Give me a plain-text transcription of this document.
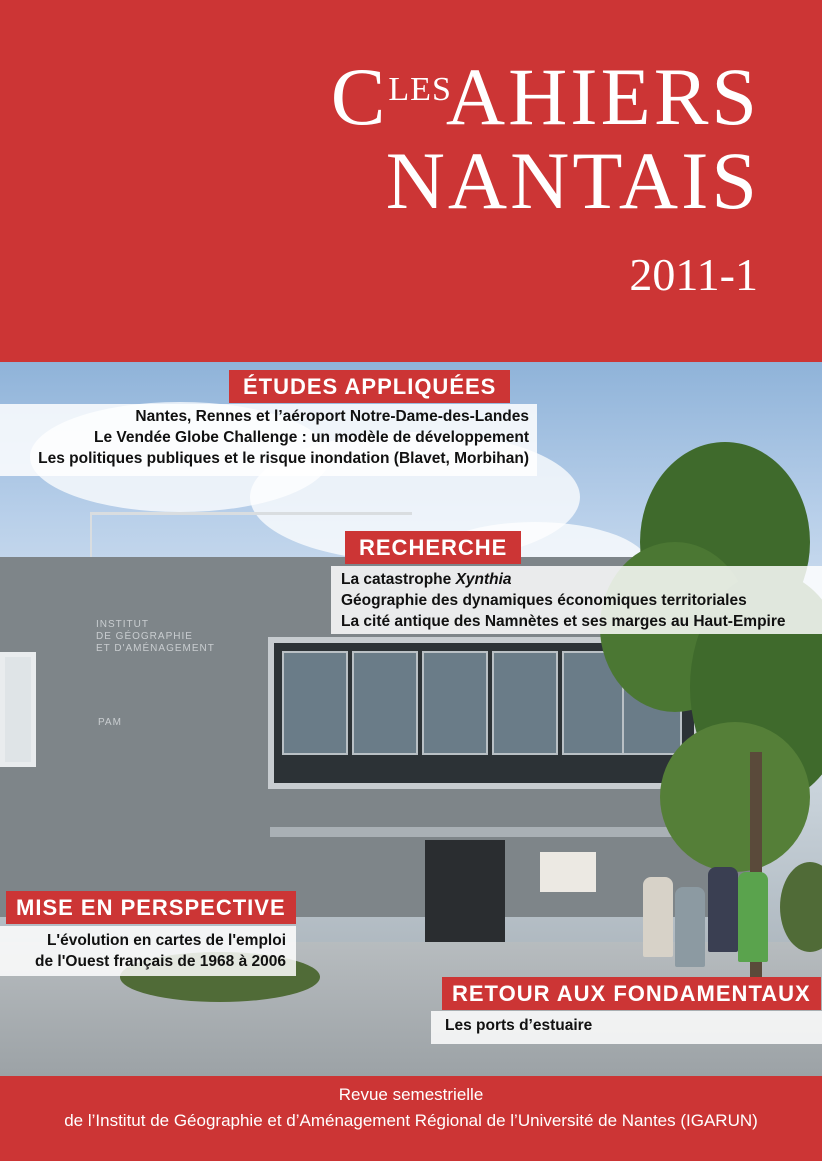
$C^{LES}AHIERS$
NANTAIS
2011-1
INSTITUT
DE GÉOGRAPHIE
ET D'AMÉNAGEMENT
PAM
ÉTUDES APPLIQUÉES
Nantes, Rennes et l’aéroport Notre-Dame-des-Landes
Le Vendée Globe Challenge : un modèle de développement
Les politiques publiques et le risque inondation (Blavet, Morbihan)
RECHERCHE
La catastrophe Xynthia
Géographie des dynamiques économiques territoriales
La cité antique des Namnètes et ses marges au Haut-Empire
MISE EN PERSPECTIVE
L'évolution en cartes de l'emploi
de l'Ouest français de 1968 à 2006
RETOUR AUX FONDAMENTAUX
Les ports d’estuaire
Revue semestrielle
de l’Institut de Géographie et d’Aménagement Régional de l’Université de Nantes (IGARUN)
